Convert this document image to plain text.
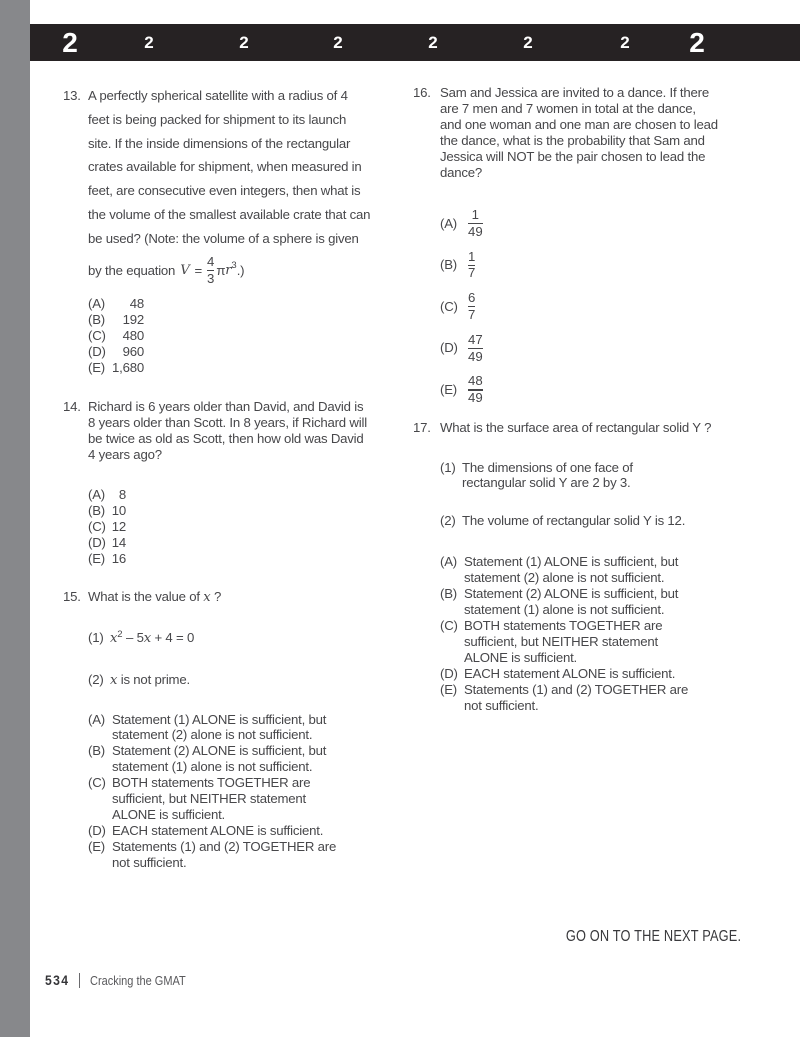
2	2	2	2	2	2	2 2
13. A perfectly spherical satellite with a radius of 4
feet is being packed for shipment to its launch
site. If the inside dimensions of the rectangular
crates available for shipment, when measured in
feet, are consecutive even integers, then what is
the volume of the smallest available crate that can
be used? (Note: the volume of a sphere is given
by the equation $V = \frac{4}{3}$ π r 3 .)
(A)	48
(B)	192
(C)	480
(D)	960
(E) 1,680
14. Richard is 6 years older than David, and David is
8 years older than Scott. In 8 years, if Richard will
be twice as old as Scott, then how old was David
4 years ago?
(A)	8
(B) 10
(C) 12
(D) 14
(E) 16
15. What is the value of x ?
(1) $x^2 - 5x + 4 = 0$
(2) x is not prime.
(A) Statement (1) ALONE is sufficient, but
statement (2) alone is not sufficient.
(B) Statement (2) ALONE is sufficient, but
statement (1) alone is not sufficient.
(C) BOTH statements TOGETHER are
sufficient, but NEITHER statement
ALONE is sufficient.
(D) EACH statement ALONE is sufficient.
(E) Statements (1) and (2) TOGETHER are
not sufficient.
16. Sam and Jessica are invited to a dance. If there
are 7 men and 7 women in total at the dance,
and one woman and one man are chosen to lead
the dance, what is the probability that Sam and
Jessica will NOT be the pair chosen to lead the
dance?
$(A) \frac{1}{49}$
$(B) \frac{1}{7}$
$(C) \frac{6}{7}$
$(D) \frac{47}{49}$
$(E) \frac{48}{49}$
17. What is the surface area of rectangular solid Y ?
(1) The dimensions of one face of
rectangular solid Y are 2 by 3.
(2) The volume of rectangular solid Y is 12.
(A) Statement (1) ALONE is sufficient, but
statement (2) alone is not sufficient.
(B) Statement (2) ALONE is sufficient, but
statement (1) alone is not sufficient.
(C) BOTH statements TOGETHER are
sufficient, but NEITHER statement
ALONE is sufficient.
(D) EACH statement ALONE is sufficient.
(E) Statements (1) and (2) TOGETHER are
not sufficient.
GO ON TO THE NEXT PAGE.
534 Cracking the GMAT
